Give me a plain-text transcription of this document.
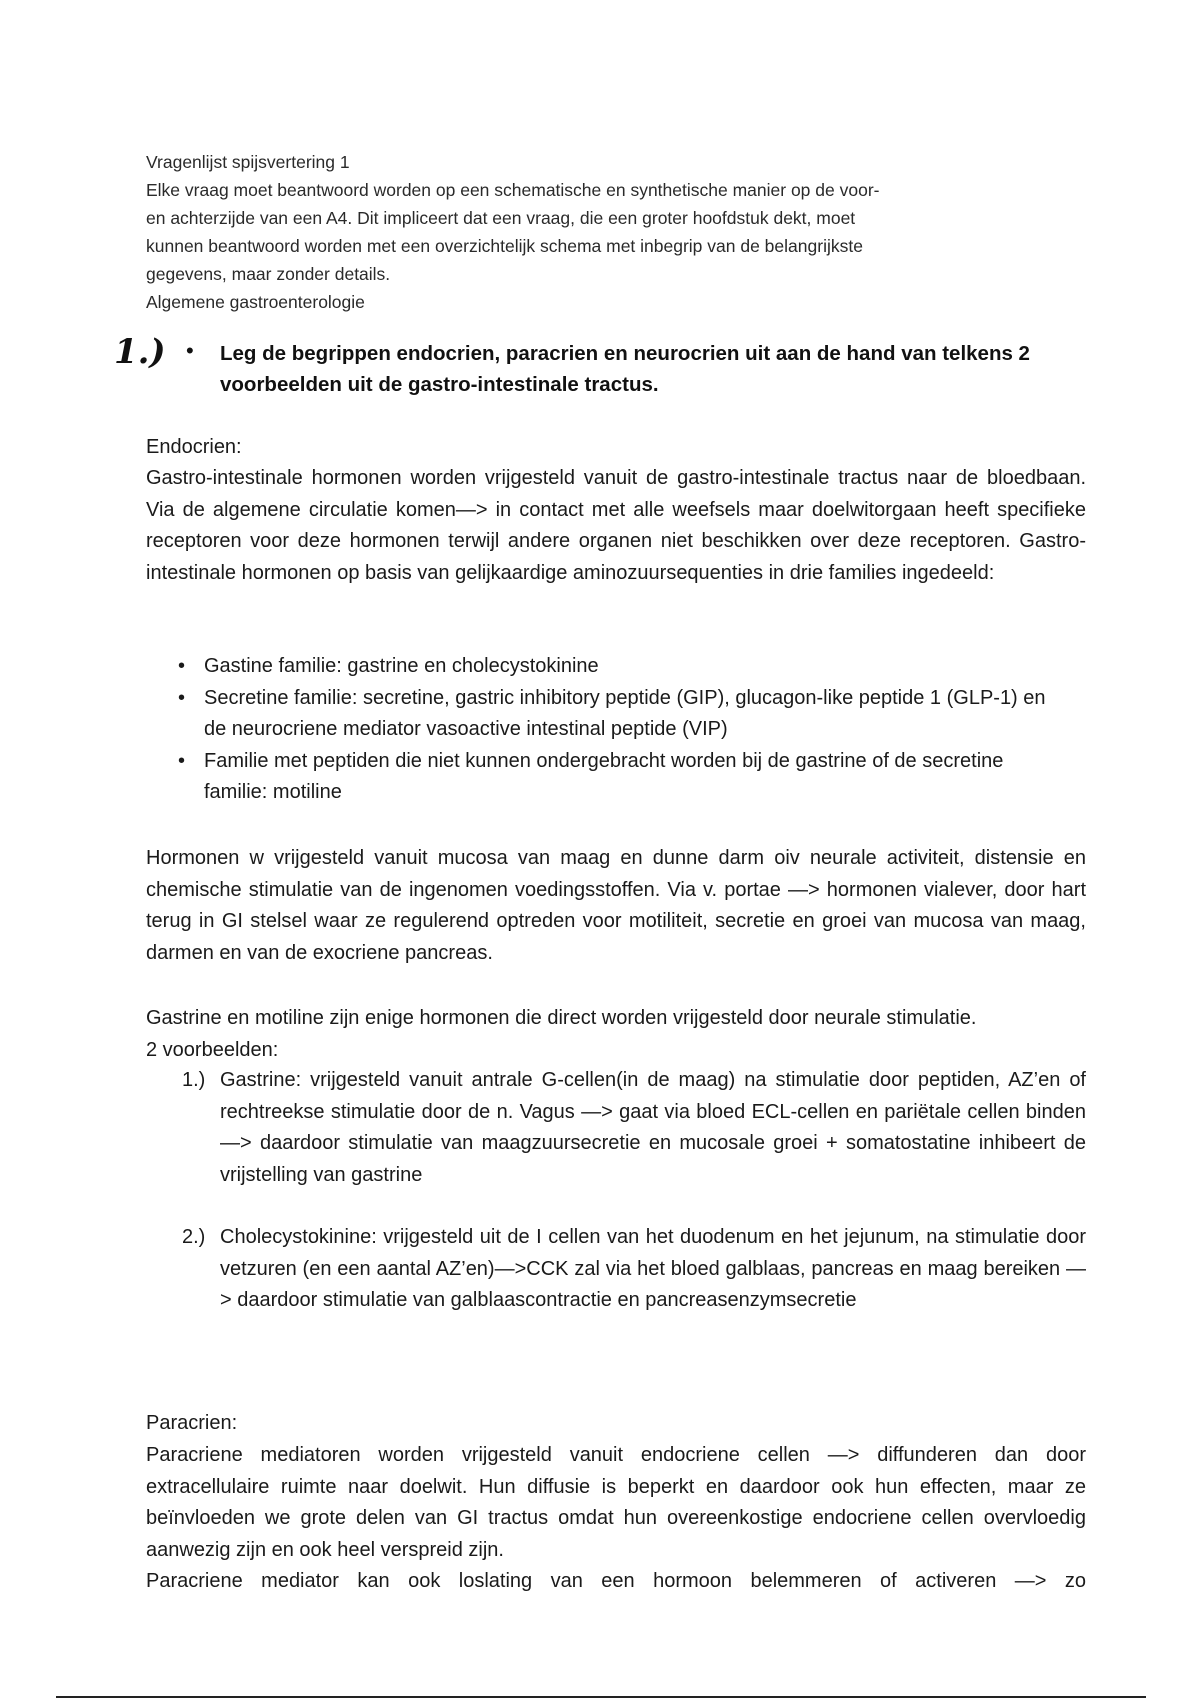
Vragenlijst spijsvertering 1
Elke vraag moet beantwoord worden op een schematische en synthetische manier op de voor-
en achterzijde van een A4. Dit impliceert dat een vraag, die een groter hoofdstuk dekt, moet
kunnen beantwoord worden met een overzichtelijk schema met inbegrip van de belangrijkste
gegevens, maar zonder details.
Algemene gastroenterologie
1.) • Leg de begrippen endocrien, paracrien en neurocrien uit aan de hand van telkens 2 voorbeelden uit de gastro-intestinale tractus.
Endocrien:
Gastro-intestinale hormonen worden vrijgesteld vanuit de gastro-intestinale tractus naar de bloedbaan. Via de algemene circulatie komen—> in contact met alle weefsels maar doelwitorgaan heeft specifieke receptoren voor deze hormonen terwijl andere organen niet beschikken over deze receptoren. Gastro-intestinale hormonen op basis van gelijkaardige aminozuursequenties in drie families ingedeeld:
• Gastine familie: gastrine en cholecystokinine
• Secretine familie: secretine, gastric inhibitory peptide (GIP), glucagon-like peptide 1 (GLP-1) en de neurocriene mediator vasoactive intestinal peptide (VIP)
• Familie met peptiden die niet kunnen ondergebracht worden bij de gastrine of de secretine familie: motiline
Hormonen w vrijgesteld vanuit mucosa van maag en dunne darm oiv neurale activiteit, distensie en chemische stimulatie van de ingenomen voedingsstoffen. Via v. portae —> hormonen vialever, door hart terug in GI stelsel waar ze regulerend optreden voor motiliteit, secretie en groei van mucosa van maag, darmen en van de exocriene pancreas.
Gastrine en motiline zijn enige hormonen die direct worden vrijgesteld door neurale stimulatie.
2 voorbeelden:
1.) Gastrine: vrijgesteld vanuit antrale G-cellen(in de maag) na stimulatie door peptiden, AZ’en of rechtreekse stimulatie door de n. Vagus —> gaat via bloed ECL-cellen en pariëtale cellen binden —> daardoor stimulatie van maagzuursecretie en mucosale groei + somatostatine inhibeert de vrijstelling van gastrine
2.) Cholecystokinine: vrijgesteld uit de I cellen van het duodenum en het jejunum, na stimulatie door vetzuren (en een aantal AZ’en)—>CCK zal via het bloed galblaas, pancreas en maag bereiken —> daardoor stimulatie van galblaascontractie en pancreasenzymsecretie
Paracrien:
Paracriene mediatoren worden vrijgesteld vanuit endocriene cellen —> diffunderen dan door extracellulaire ruimte naar doelwit. Hun diffusie is beperkt en daardoor ook hun effecten, maar ze beïnvloeden we grote delen van GI tractus omdat hun overeenkostige endocriene cellen overvloedig aanwezig zijn en ook heel verspreid zijn.
Paracriene mediator kan ook loslating van een hormoon belemmeren of activeren —> zo
